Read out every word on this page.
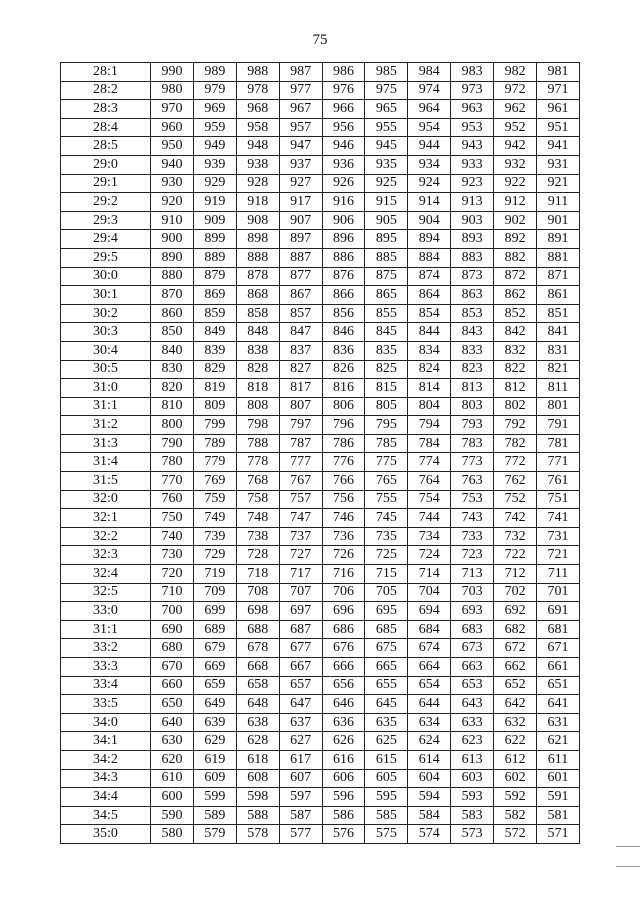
75
28:1	990	989	988	987	986	985	984	983	982	981
28:2	980	979	978	977	976	975	974	973	972	971
28:3	970	969	968	967	966	965	964	963	962	961
28:4	960	959	958	957	956	955	954	953	952	951
28:5	950	949	948	947	946	945	944	943	942	941
29:0	940	939	938	937	936	935	934	933	932	931
29:1	930	929	928	927	926	925	924	923	922	921
29:2	920	919	918	917	916	915	914	913	912	911
29:3	910	909	908	907	906	905	904	903	902	901
29:4	900	899	898	897	896	895	894	893	892	891
29:5	890	889	888	887	886	885	884	883	882	881
30:0	880	879	878	877	876	875	874	873	872	871
30:1	870	869	868	867	866	865	864	863	862	861
30:2	860	859	858	857	856	855	854	853	852	851
30:3	850	849	848	847	846	845	844	843	842	841
30:4	840	839	838	837	836	835	834	833	832	831
30:5	830	829	828	827	826	825	824	823	822	821
31:0	820	819	818	817	816	815	814	813	812	811
31:1	810	809	808	807	806	805	804	803	802	801
31:2	800	799	798	797	796	795	794	793	792	791
31:3	790	789	788	787	786	785	784	783	782	781
31:4	780	779	778	777	776	775	774	773	772	771
31:5	770	769	768	767	766	765	764	763	762	761
32:0	760	759	758	757	756	755	754	753	752	751
32:1	750	749	748	747	746	745	744	743	742	741
32:2	740	739	738	737	736	735	734	733	732	731
32:3	730	729	728	727	726	725	724	723	722	721
32:4	720	719	718	717	716	715	714	713	712	711
32:5	710	709	708	707	706	705	704	703	702	701
33:0	700	699	698	697	696	695	694	693	692	691
31:1	690	689	688	687	686	685	684	683	682	681
33:2	680	679	678	677	676	675	674	673	672	671
33:3	670	669	668	667	666	665	664	663	662	661
33:4	660	659	658	657	656	655	654	653	652	651
33:5	650	649	648	647	646	645	644	643	642	641
34:0	640	639	638	637	636	635	634	633	632	631
34:1	630	629	628	627	626	625	624	623	622	621
34:2	620	619	618	617	616	615	614	613	612	611
34:3	610	609	608	607	606	605	604	603	602	601
34:4	600	599	598	597	596	595	594	593	592	591
34:5	590	589	588	587	586	585	584	583	582	581
35:0	580	579	578	577	576	575	574	573	572	571
